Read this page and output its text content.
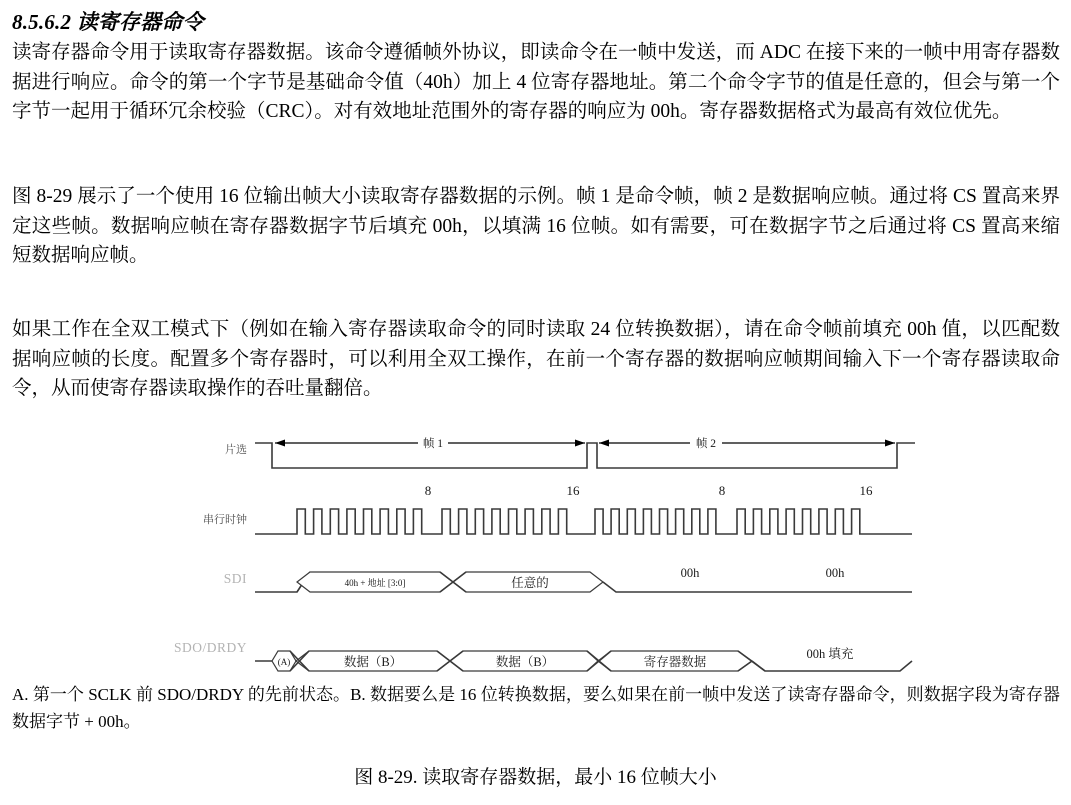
8.5.6.2 读寄存器命令
读寄存器命令用于读取寄存器数据。该命令遵循帧外协议，即读命令在一帧中发送，而 ADC 在接下来的一帧中用寄存器数据进行响应。命令的第一个字节是基础命令值（40h）加上 4 位寄存器地址。第二个命令字节的值是任意的，但会与第一个字节一起用于循环冗余校验（CRC）。对有效地址范围外的寄存器的响应为 00h。寄存器数据格式为最高有效位优先。
图 8-29 展示了一个使用 16 位输出帧大小读取寄存器数据的示例。帧 1 是命令帧，帧 2 是数据响应帧。通过将 CS 置高来界定这些帧。数据响应帧在寄存器数据字节后填充 00h，以填满 16 位帧。如有需要，可在数据字节之后通过将 CS 置高来缩短数据响应帧。
如果工作在全双工模式下（例如在输入寄存器读取命令的同时读取 24 位转换数据），请在命令帧前填充 00h 值，以匹配数据响应帧的长度。配置多个寄存器时，可以利用全双工操作，在前一个寄存器的数据响应帧期间输入下一个寄存器读取命令，从而使寄存器读取操作的吞吐量翻倍。
片选	帧 1	帧 2
串行时钟
8	16	8	16
SDI	40h + 地址 [3:0]	任意的
00h	00h
SDO/DRDY
(A)	数据（B）	数据（B）	寄存器数据
00h 填充
A. 第一个 SCLK 前 SDO/DRDY 的先前状态。B. 数据要么是 16 位转换数据，要么如果在前一帧中发送了读寄存器命令，则数据字段为寄存器数据字节 + 00h。
图 8-29. 读取寄存器数据，最小 16 位帧大小
